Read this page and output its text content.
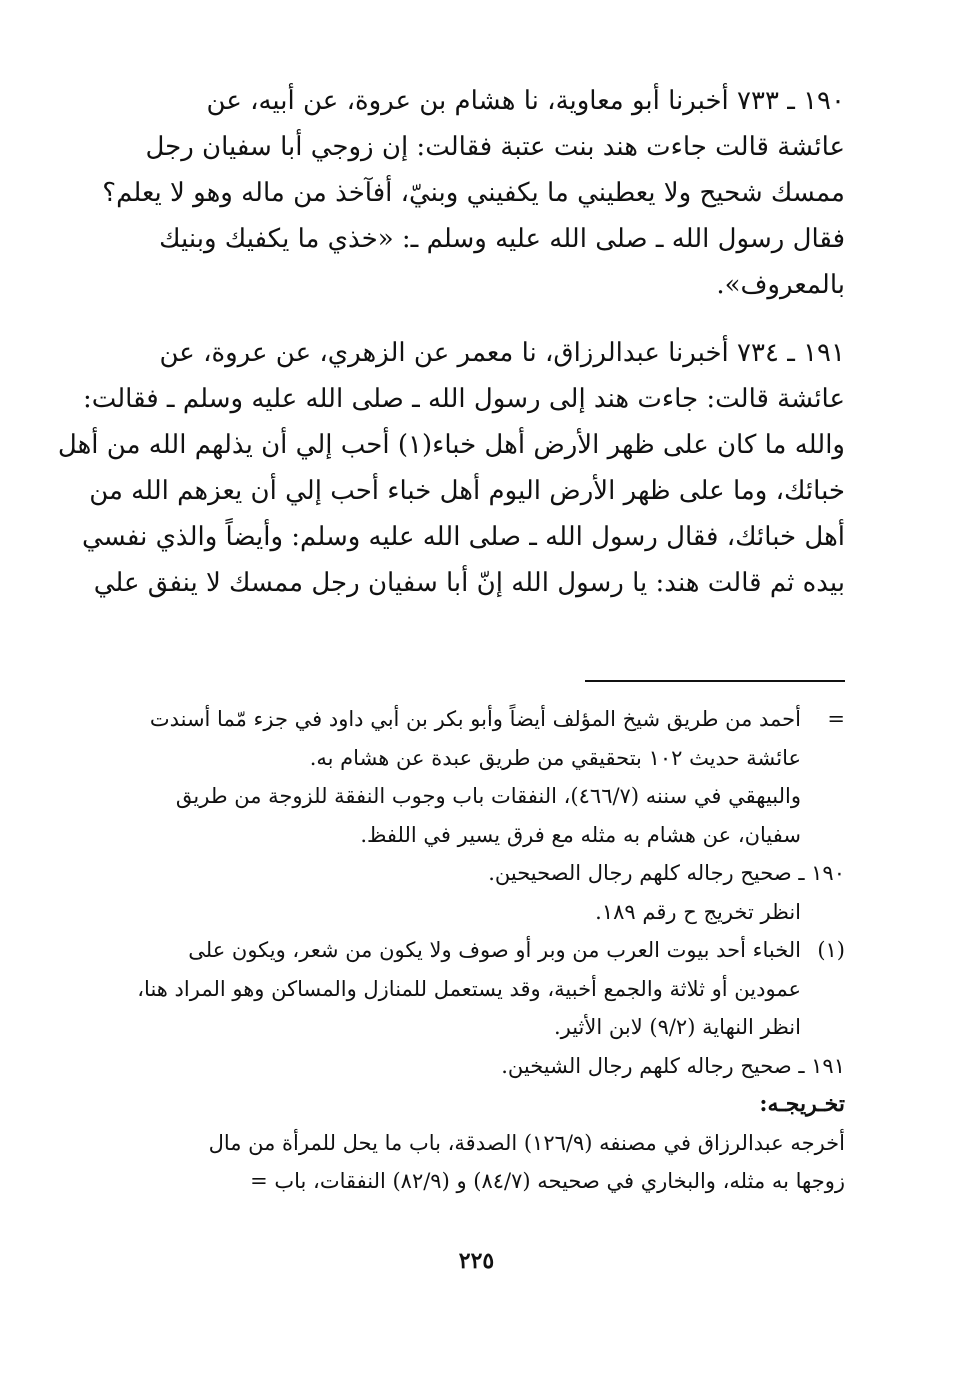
١٩٠ ـ ٧٣٣ أخبرنا أبو معاوية، نا هشام بن عروة، عن أبيه، عن
عائشة قالت جاءت هند بنت عتبة فقالت: إن زوجي أبا سفيان رجل
ممسك شحيح ولا يعطيني ما يكفيني وبنيّ، أفآخذ من ماله وهو لا يعلم؟
فقال رسول الله ـ صلى الله عليه وسلم ـ: «خذي ما يكفيك وبنيك
بالمعروف».
١٩١ ـ ٧٣٤ أخبرنا عبدالرزاق، نا معمر عن الزهري، عن عروة، عن
عائشة قالت: جاءت هند إلى رسول الله ـ صلى الله عليه وسلم ـ فقالت:
والله ما كان على ظهر الأرض أهل خباء(١) أحب إلي أن يذلهم الله من أهل
خبائك، وما على ظهر الأرض اليوم أهل خباء أحب إلي أن يعزهم الله من
أهل خبائك، فقال رسول الله ـ صلى الله عليه وسلم: وأيضاً والذي نفسي
بيده ثم قالت هند: يا رسول الله إنّ أبا سفيان رجل ممسك لا ينفق علي
=
أحمد من طريق شيخ المؤلف أيضاً وأبو بكر بن أبي داود في جزء مّما أسندت
عائشة حديث ١٠٢ بتحقيقي من طريق عبدة عن هشام به.
والبيهقي في سننه (٤٦٦/٧)، النفقات باب وجوب النفقة للزوجة من طريق
سفيان، عن هشام به مثله مع فرق يسير في اللفظ.
١٩٠ ـ صحيح رجاله كلهم رجال الصحيحين.
انظر تخريج ح رقم ١٨٩.
(١)
الخباء أحد بيوت العرب من وبر أو صوف ولا يكون من شعر، ويكون على
عمودين أو ثلاثة والجمع أخبية، وقد يستعمل للمنازل والمساكن وهو المراد هنا،
انظر النهاية (٩/٢) لابن الأثير.
١٩١ ـ صحيح رجاله كلهم رجال الشيخين.
تخـريجـه:
أخرجه عبدالرزاق في مصنفه (١٢٦/٩) الصدقة، باب ما يحل للمرأة من مال
زوجها به مثله، والبخاري في صحيحه (٨٤/٧) و (٨٢/٩) النفقات، باب =
٢٢٥
